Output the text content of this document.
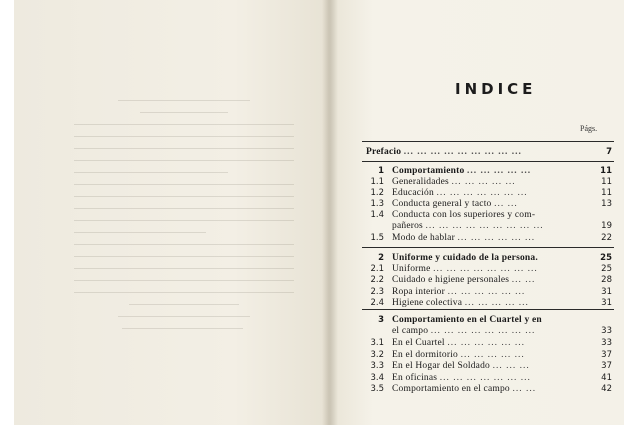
INDICE
Págs.
Prefacio ... ... ... ... ... ... ... ... ...	7
1 Comportamiento ... ... ... ... ...	11
1.1 Generalidades ... ... ... ... ...	11
1.2 Educación ... ... ... ... ... ... ...	11
1.3 Conducta general y tacto ... ...	13
1.4 Conducta con los superiores y com-
pañeros ... ... ... ... ... ... ... ... ...	19
1.5 Modo de hablar ... ... ... ... ... ...	22
2 Uniforme y cuidado de la persona.	25
2.1 Uniforme ... ... ... ... ... ... ... ...	25
2.2 Cuidado e higiene personales ... ...	28
2.3 Ropa interior ... ... ... ... ... ...	31
2.4 Higiene colectiva ... ... ... ... ...	31
3 Comportamiento en el Cuartel y en
el campo ... ... ... ... ... ... ... ...	33
3.1 En el Cuartel ... ... ... ... ... ...	33
3.2 En el dormitorio ... ... ... ... ...	37
3.3 En el Hogar del Soldado ... ... ...	37
3.4 En oficinas ... ... ... ... ... ... ...	41
3.5 Comportamiento en el campo ... ...	42
